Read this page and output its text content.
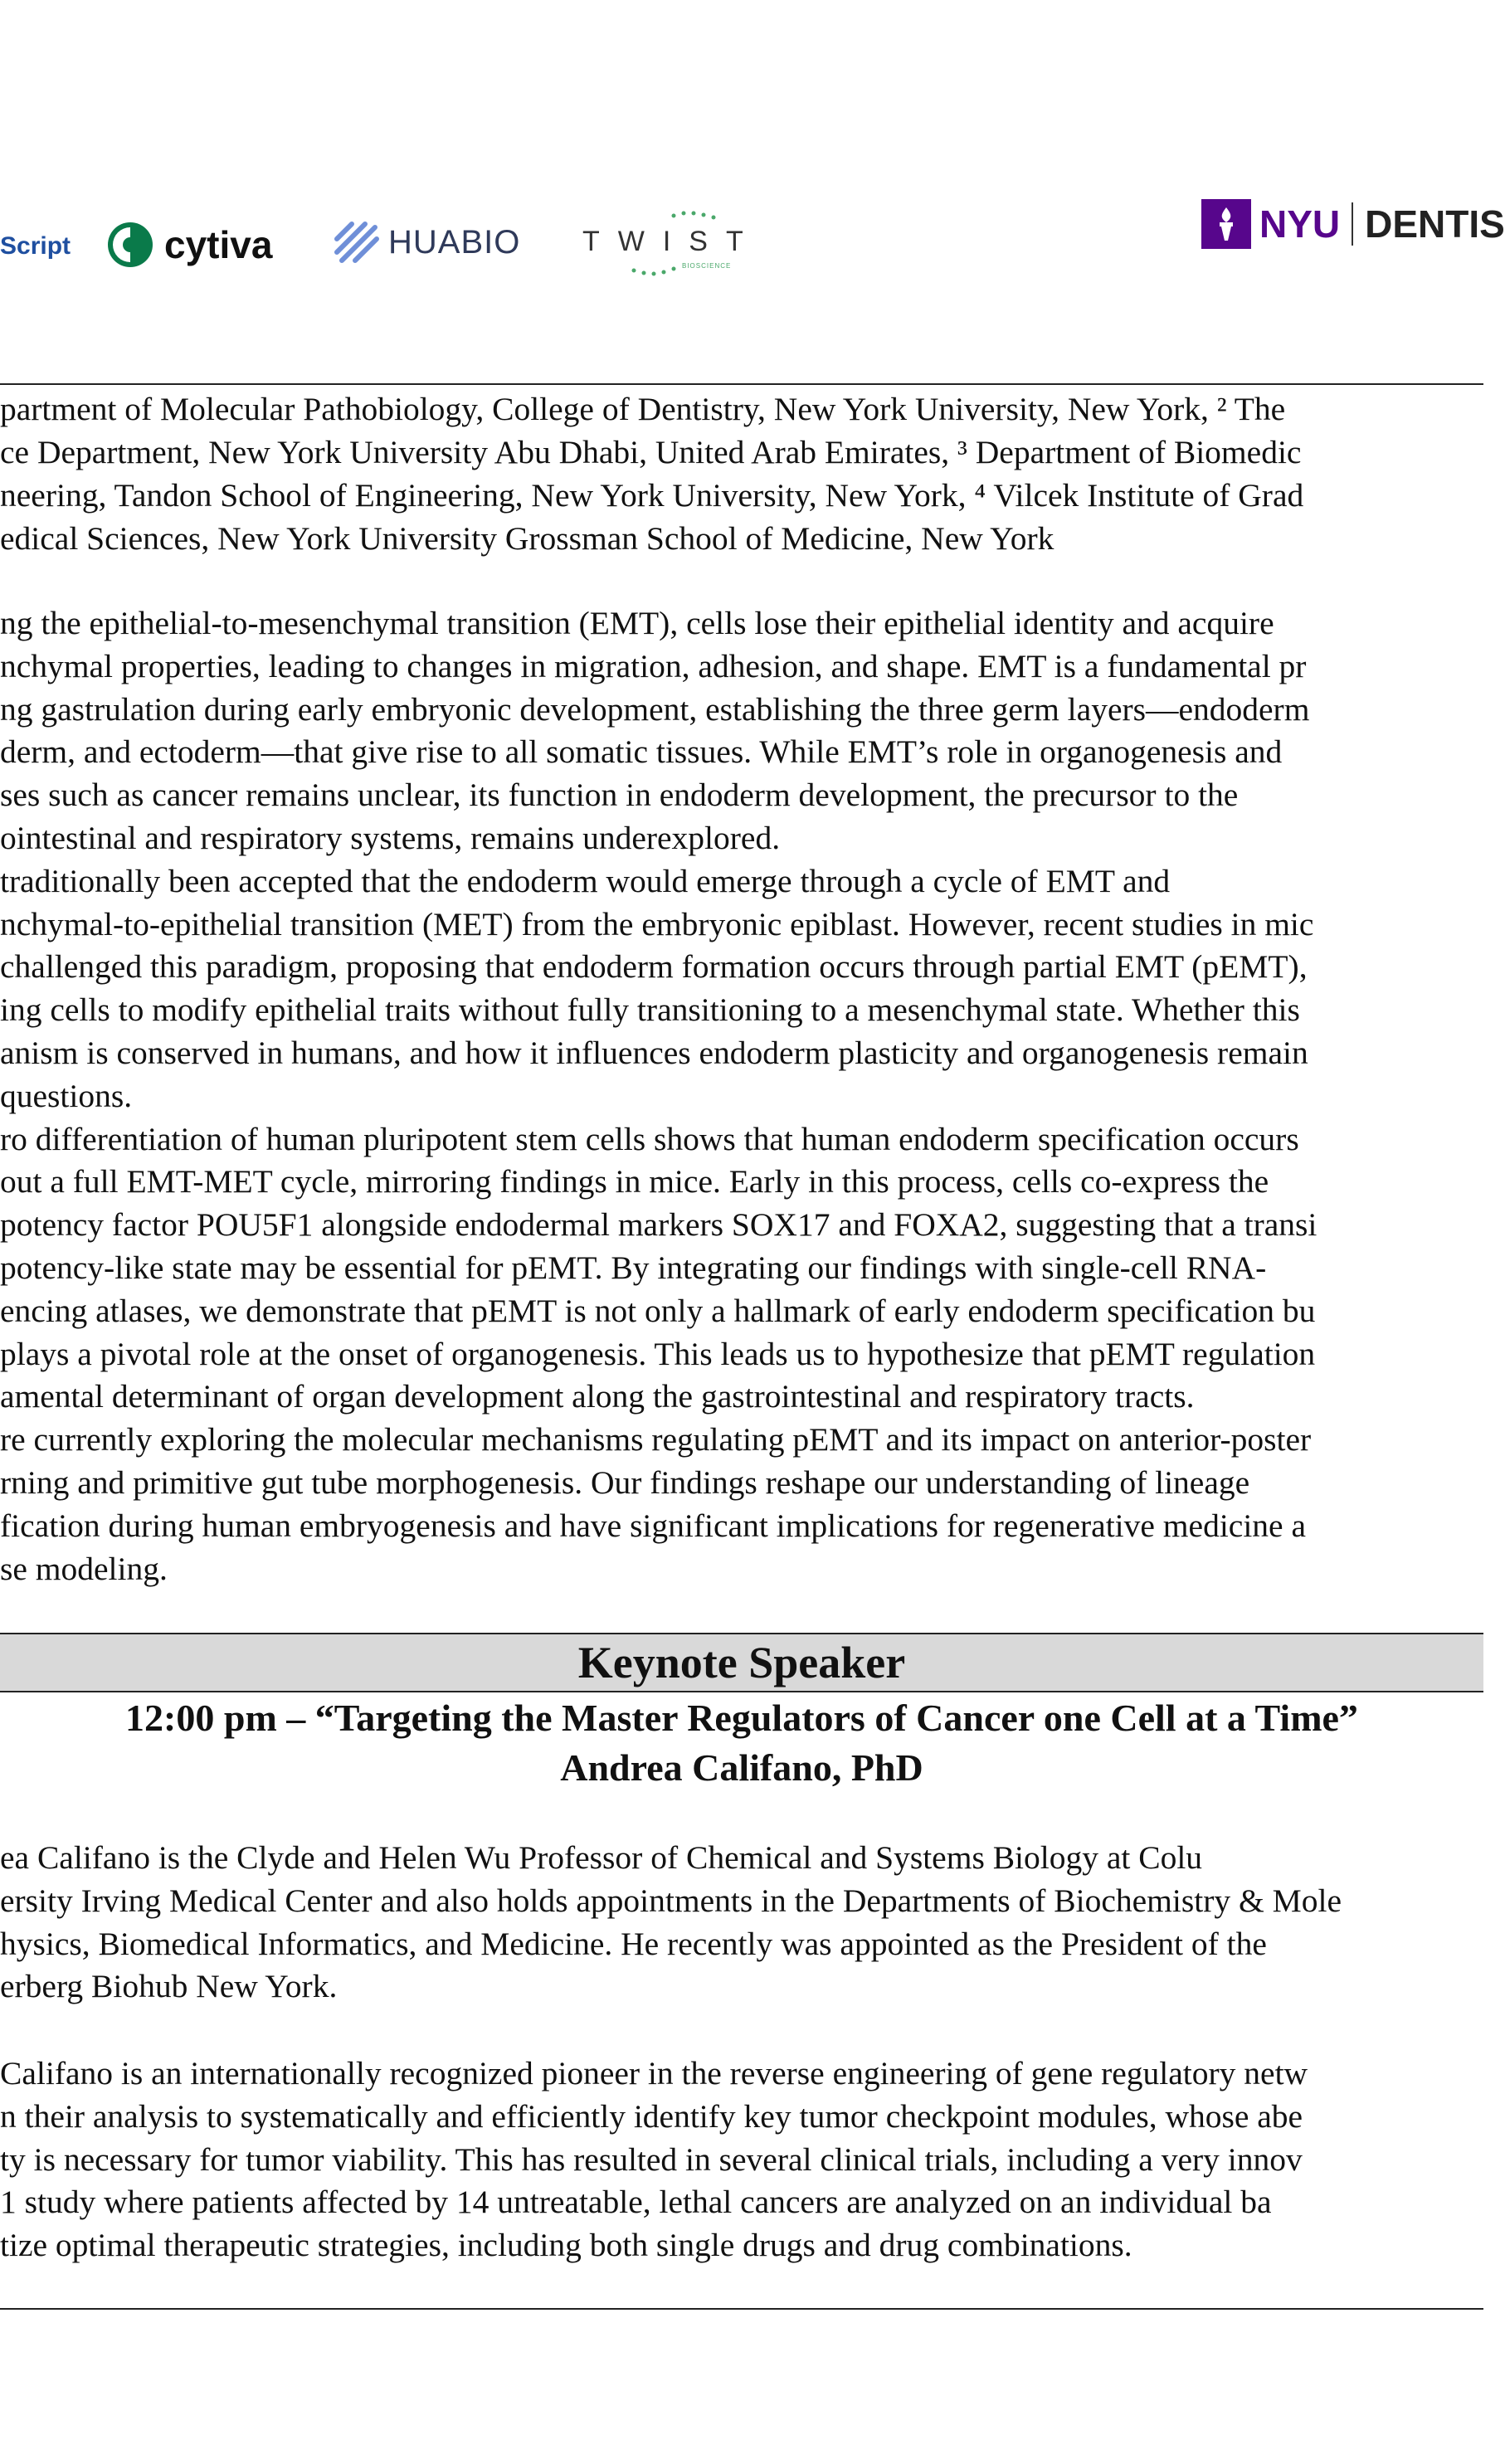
Script cytiva	HUABIO TWIST
BIOSCIENCE
NYU DENTIS
partment of Molecular Pathobiology, College of Dentistry, New York University, New York, ² The
ce Department, New York University Abu Dhabi, United Arab Emirates, ³ Department of Biomedic
neering, Tandon School of Engineering, New York University, New York, ⁴ Vilcek Institute of Grad
edical Sciences, New York University Grossman School of Medicine, New York
ng the epithelial-to-mesenchymal transition (EMT), cells lose their epithelial identity and acquire
nchymal properties, leading to changes in migration, adhesion, and shape. EMT is a fundamental pr
ng gastrulation during early embryonic development, establishing the three germ layers—endoderm
derm, and ectoderm—that give rise to all somatic tissues. While EMT’s role in organogenesis and
ses such as cancer remains unclear, its function in endoderm development, the precursor to the
ointestinal and respiratory systems, remains underexplored.
traditionally been accepted that the endoderm would emerge through a cycle of EMT and
nchymal-to-epithelial transition (MET) from the embryonic epiblast. However, recent studies in mic
challenged this paradigm, proposing that endoderm formation occurs through partial EMT (pEMT),
ing cells to modify epithelial traits without fully transitioning to a mesenchymal state. Whether this
anism is conserved in humans, and how it influences endoderm plasticity and organogenesis remain
questions.
ro differentiation of human pluripotent stem cells shows that human endoderm specification occurs
out a full EMT-MET cycle, mirroring findings in mice. Early in this process, cells co-express the
potency factor POU5F1 alongside endodermal markers SOX17 and FOXA2, suggesting that a transi
potency-like state may be essential for pEMT. By integrating our findings with single-cell RNA-
encing atlases, we demonstrate that pEMT is not only a hallmark of early endoderm specification bu
plays a pivotal role at the onset of organogenesis. This leads us to hypothesize that pEMT regulation
amental determinant of organ development along the gastrointestinal and respiratory tracts.
re currently exploring the molecular mechanisms regulating pEMT and its impact on anterior-poster
rning and primitive gut tube morphogenesis. Our findings reshape our understanding of lineage
fication during human embryogenesis and have significant implications for regenerative medicine a
se modeling.
Keynote Speaker
12:00 pm – “Targeting the Master Regulators of Cancer one Cell at a Time”
Andrea Califano, PhD
ea Califano is the Clyde and Helen Wu Professor of Chemical and Systems Biology at Colu
ersity Irving Medical Center and also holds appointments in the Departments of Biochemistry & Mole
hysics, Biomedical Informatics, and Medicine. He recently was appointed as the President of the
erberg Biohub New York.
Califano is an internationally recognized pioneer in the reverse engineering of gene regulatory netw
n their analysis to systematically and efficiently identify key tumor checkpoint modules, whose abe
ty is necessary for tumor viability. This has resulted in several clinical trials, including a very innov
1 study where patients affected by 14 untreatable, lethal cancers are analyzed on an individual ba
tize optimal therapeutic strategies, including both single drugs and drug combinations.
